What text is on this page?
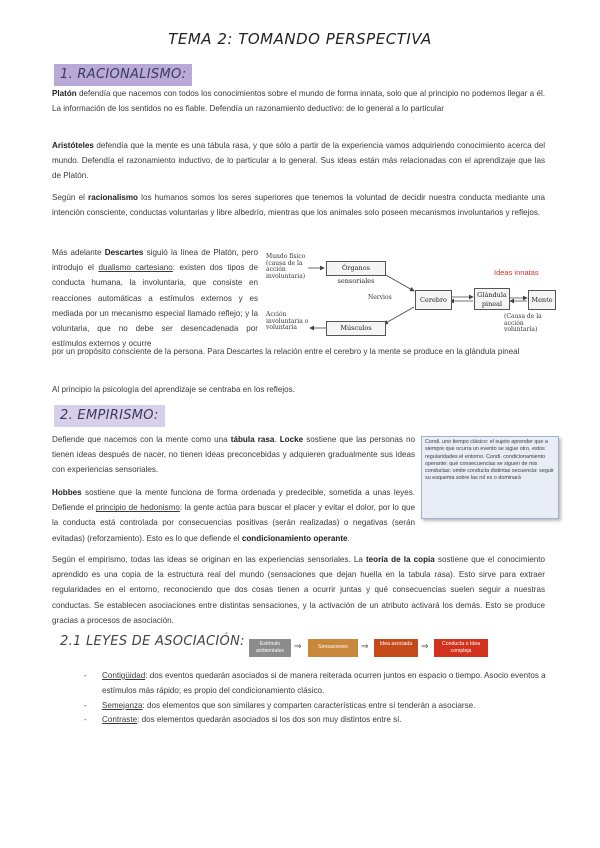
TEMA 2: TOMANDO PERSPECTIVA
1. RACIONALISMO:

Platón defendía que nacemos con todos los conocimientos sobre el mundo de forma innata, solo que al principio no podemos llegar a él. La información de los sentidos no es fiable. Defendía un razonamiento deductivo: de lo general a lo particular

Aristóteles defendía que la mente es una tábula rasa, y que sólo a partir de la experiencia vamos adquiriendo conocimiento acerca del mundo. Defendía el razonamiento inductivo, de lo particular a lo general. Sus ideas están más relacionadas con el aprendizaje que las de Platón.

Según el racionalismo los humanos somos los seres superiores que tenemos la voluntad de decidir nuestra conducta mediante una intención consciente, conductas voluntarias y libre albedrío, mientras que los animales solo poseen mecanismos involuntarios y reflejos.

Más adelante Descartes siguió la línea de Platón, pero introdujo el dualismo cartesiano: existen dos tipos de conducta humana, la involuntaria, que consiste en reacciones automáticas a estímulos externos y es mediada por un mecanismo especial llamado reflejo; y la voluntaria, que no debe ser desencadenada por estímulos externos y ocurre

por un propósito consciente de la persona. Para Descartes la relación entre el cerebro y la mente se produce en la glándula pineal

Al principio la psicología del aprendizaje se centraba en los reflejos.

Mundo físico (causa de la acción involuntaria)
Órganos sensoriales
Nervios	Cerebro
Glándula pineal	Mente
Ideas innatas
Músculos
Acción involuntaria o voluntaria
(Causa de la acción voluntaria)
2. EMPIRISMO:

Defiende que nacemos con la mente como una tábula rasa. Locke sostiene que las personas no tienen ideas después de nacer, no tienen ideas preconcebidas y adquieren gradualmente sus ideas con experiencias sensoriales.

Condi. uno tiempo clásico: el sujeto aprender que a siempre que ocurra un evento se sigue otro, estos regularidades el entorno. Condi. condicionamiento operante: qué consecuencias se siguen de mis conductas: omite conducta distintas secuencia: seguir su esquema sobre las rol es o dominará

Hobbes sostiene que la mente funciona de forma ordenada y predecible, sometida a unas leyes. Defiende el principio de hedonismo: la gente actúa para buscar el placer y evitar el dolor, por lo que la conducta está controlada por consecuencias positivas (serán realizadas) o negativas (serán evitadas) (reforzamiento). Esto es lo que defiende el condicionamiento operante.

Según el empirismo, todas las ideas se originan en las experiencias sensoriales. La teoría de la copia sostiene que el conocimiento aprendido es una copia de la estructura real del mundo (sensaciones que dejan huella en la tabula rasa). Esto sirve para extraer regularidades en el entorno, reconociendo que dos cosas tienen a ocurrir juntas y qué consecuencias suelen seguir a nuestras conductas. Se establecen asociaciones entre distintas sensaciones, y la activación de un atributo activará los demás. Esto se produce gracias a procesos de asociación.

2.1 LEYES DE ASOCIACIÓN:	Estímulo ambientales	⇒	Sensaciones	⇒	Idea asociada ⇒	Conducta o Idea compleja
- Contigüidad: dos eventos quedarán asociados si de manera reiterada ocurren juntos en espacio o tiempo. Asocio eventos a estímulos más rápido; es propio del condicionamiento clásico.
- Semejanza: dos elementos que son similares y comparten características entre sí tenderán a asociarse.
- Contraste: dos elementos quedarán asociados si los dos son muy distintos entre sí.
